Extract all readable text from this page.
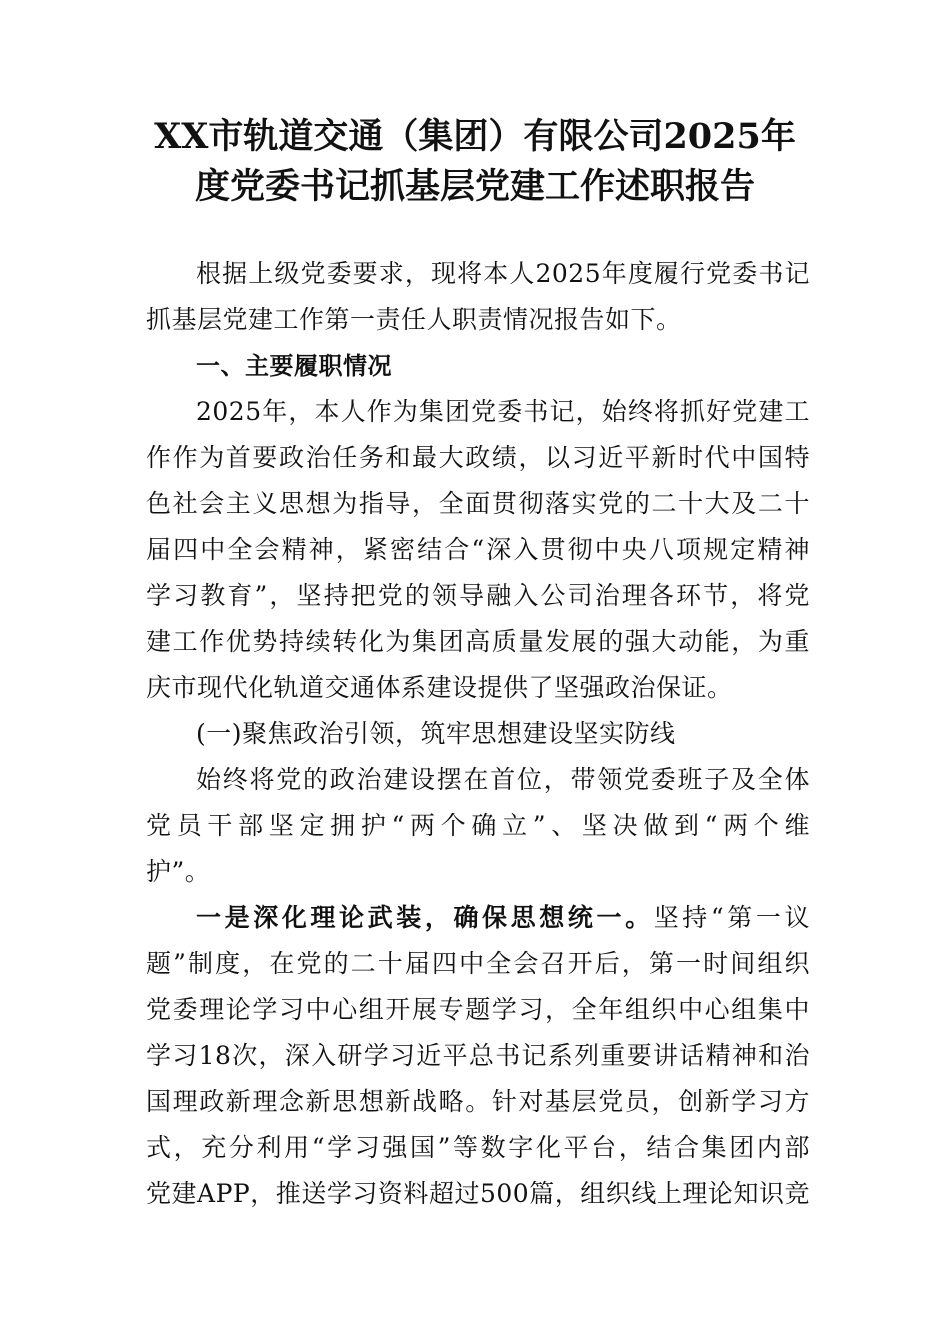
XX市轨道交通（集团）有限公司2025年
度党委书记抓基层党建工作述职报告
根据上级党委要求，现将本人2025年度履行党委书记
抓基层党建工作第一责任人职责情况报告如下。
一、主要履职情况
2025年，本人作为集团党委书记，始终将抓好党建工
作作为首要政治任务和最大政绩，以习近平新时代中国特
色社会主义思想为指导，全面贯彻落实党的二十大及二十
届四中全会精神，紧密结合“深入贯彻中央八项规定精神
学习教育”，坚持把党的领导融入公司治理各环节，将党
建工作优势持续转化为集团高质量发展的强大动能，为重
庆市现代化轨道交通体系建设提供了坚强政治保证。
(一)聚焦政治引领，筑牢思想建设坚实防线
始终将党的政治建设摆在首位，带领党委班子及全体
党员干部坚定拥护“两个确立”、坚决做到“两个维
护”。
一是深化理论武装，确保思想统一。坚持“第一议
题”制度，在党的二十届四中全会召开后，第一时间组织
党委理论学习中心组开展专题学习，全年组织中心组集中
学习18次，深入研学习近平总书记系列重要讲话精神和治
国理政新理念新思想新战略。针对基层党员，创新学习方
式，充分利用“学习强国”等数字化平台，结合集团内部
党建APP，推送学习资料超过500篇，组织线上理论知识竞
